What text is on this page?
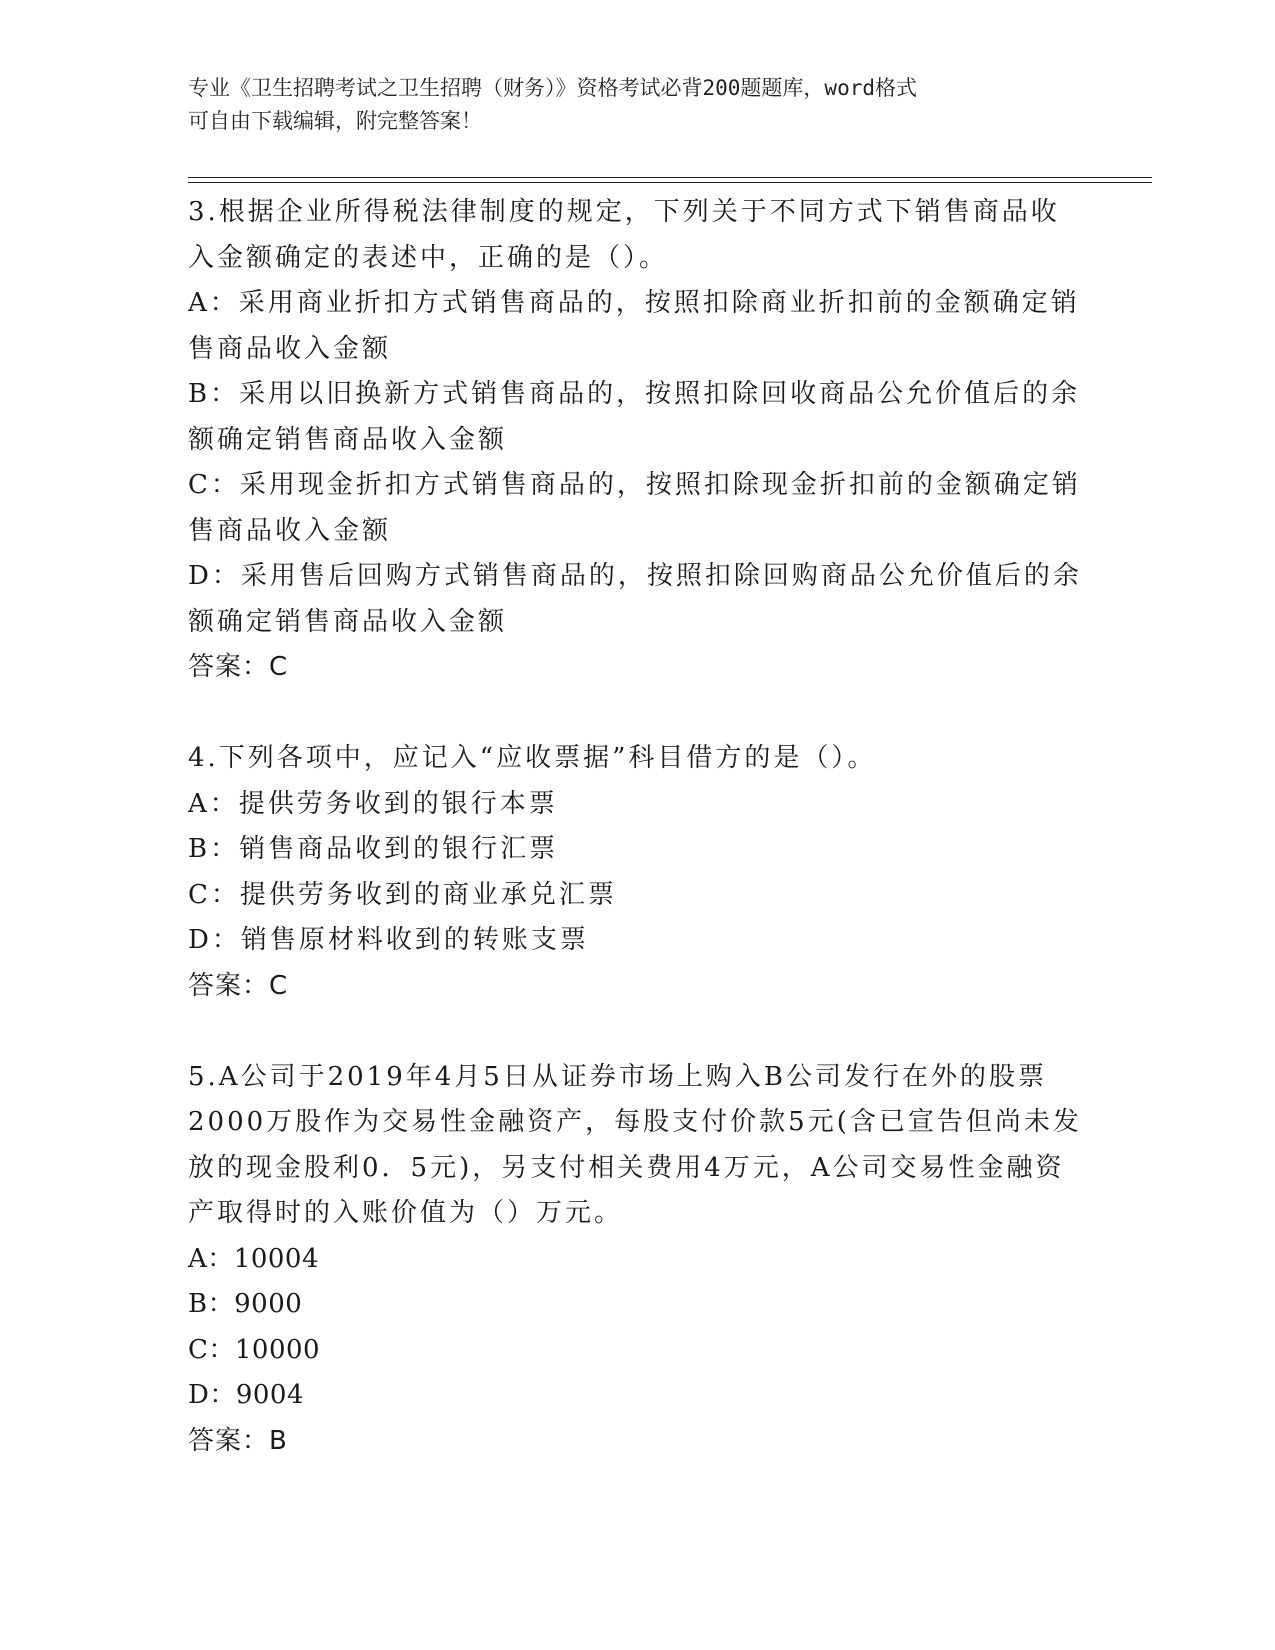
专业《卫生招聘考试之卫生招聘（财务）》资格考试必背200题题库，word格式
可自由下载编辑，附完整答案！
3.根据企业所得税法律制度的规定，下列关于不同方式下销售商品收
入金额确定的表述中，正确的是（）。
A：采用商业折扣方式销售商品的，按照扣除商业折扣前的金额确定销
售商品收入金额
B：采用以旧换新方式销售商品的，按照扣除回收商品公允价值后的余
额确定销售商品收入金额
C：采用现金折扣方式销售商品的，按照扣除现金折扣前的金额确定销
售商品收入金额
D：采用售后回购方式销售商品的，按照扣除回购商品公允价值后的余
额确定销售商品收入金额
答案：C
4.下列各项中，应记入“应收票据”科目借方的是（）。
A：提供劳务收到的银行本票
B：销售商品收到的银行汇票
C：提供劳务收到的商业承兑汇票
D：销售原材料收到的转账支票
答案：C
5.A公司于2019年4月5日从证券市场上购入B公司发行在外的股票
2000万股作为交易性金融资产，每股支付价款5元(含已宣告但尚未发
放的现金股利0．5元)，另支付相关费用4万元，A公司交易性金融资
产取得时的入账价值为（）万元。
A：10004
B：9000
C：10000
D：9004
答案：B
